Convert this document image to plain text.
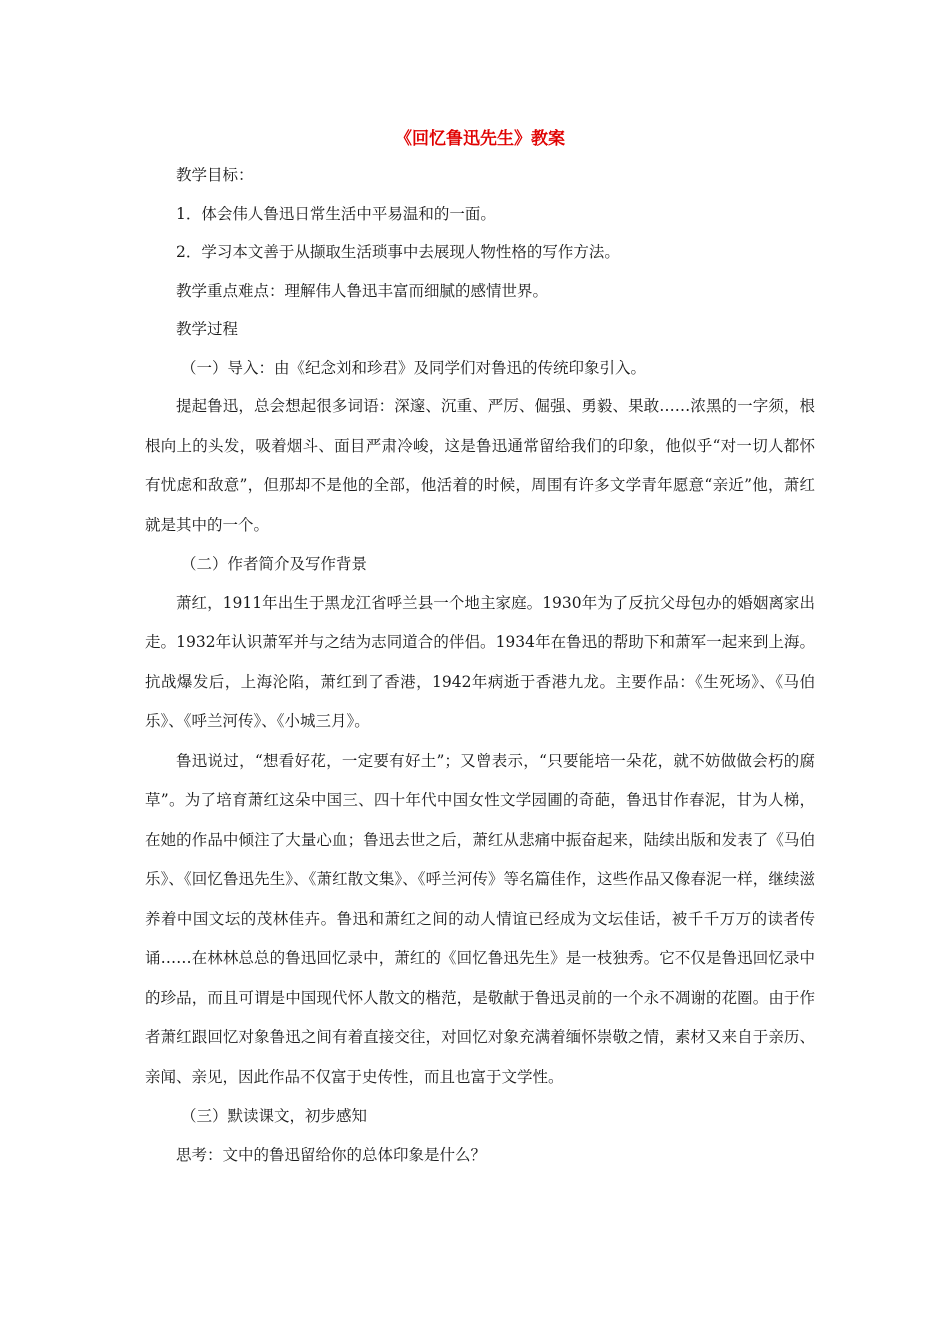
《回忆鲁迅先生》教案

教学目标：

1．体会伟人鲁迅日常生活中平易温和的一面。

2．学习本文善于从撷取生活琐事中去展现人物性格的写作方法。

教学重点难点：理解伟人鲁迅丰富而细腻的感情世界。

教学过程

（一）导入：由《纪念刘和珍君》及同学们对鲁迅的传统印象引入。

提起鲁迅，总会想起很多词语：深邃、沉重、严厉、倔强、勇毅、果敢……浓黑的一字须，根根向上的头发，吸着烟斗、面目严肃冷峻，这是鲁迅通常留给我们的印象，他似乎“对一切人都怀有忧虑和敌意”，但那却不是他的全部，他活着的时候，周围有许多文学青年愿意“亲近”他，萧红就是其中的一个。

（二）作者简介及写作背景

萧红，1911年出生于黑龙江省呼兰县一个地主家庭。1930年为了反抗父母包办的婚姻离家出走。1932年认识萧军并与之结为志同道合的伴侣。1934年在鲁迅的帮助下和萧军一起来到上海。抗战爆发后，上海沦陷，萧红到了香港，1942年病逝于香港九龙。主要作品：《生死场》、《马伯乐》、《呼兰河传》、《小城三月》。

鲁迅说过，“想看好花，一定要有好土”；又曾表示，“只要能培一朵花，就不妨做做会朽的腐草”。为了培育萧红这朵中国三、四十年代中国女性文学园圃的奇葩，鲁迅甘作春泥，甘为人梯，在她的作品中倾注了大量心血；鲁迅去世之后，萧红从悲痛中振奋起来，陆续出版和发表了《马伯乐》、《回忆鲁迅先生》、《萧红散文集》、《呼兰河传》等名篇佳作，这些作品又像春泥一样，继续滋养着中国文坛的茂林佳卉。鲁迅和萧红之间的动人情谊已经成为文坛佳话，被千千万万的读者传诵……在林林总总的鲁迅回忆录中，萧红的《回忆鲁迅先生》是一枝独秀。它不仅是鲁迅回忆录中的珍品，而且可谓是中国现代怀人散文的楷范，是敬献于鲁迅灵前的一个永不凋谢的花圈。由于作者萧红跟回忆对象鲁迅之间有着直接交往，对回忆对象充满着缅怀崇敬之情，素材又来自于亲历、亲闻、亲见，因此作品不仅富于史传性，而且也富于文学性。

（三）默读课文，初步感知

思考：文中的鲁迅留给你的总体印象是什么？
